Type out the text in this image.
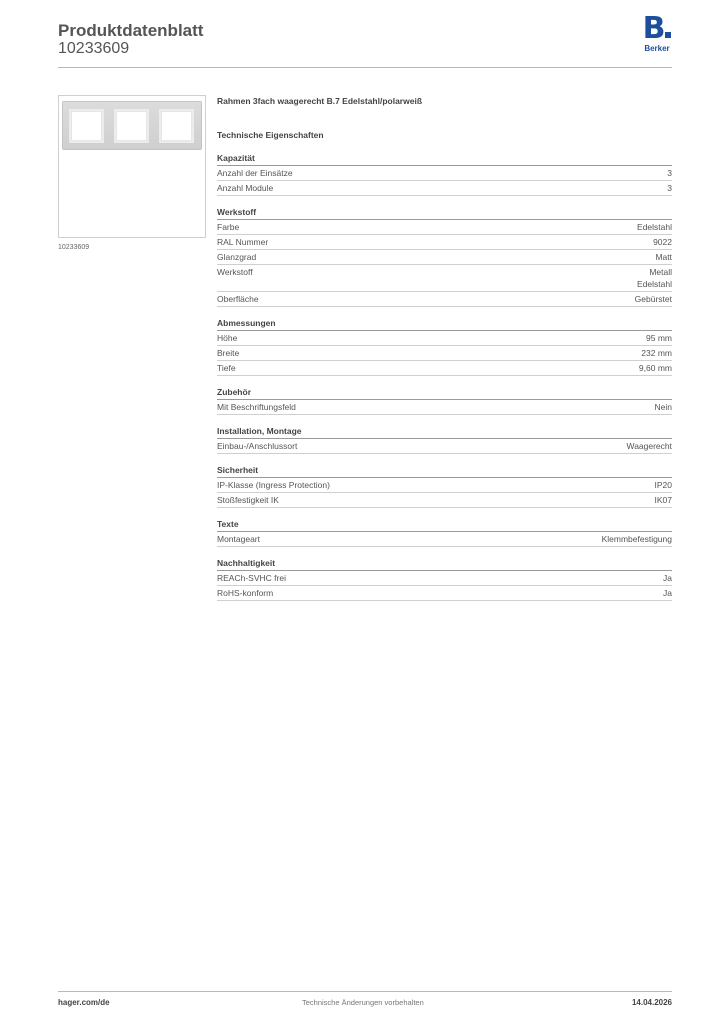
Produktdatenblatt
10233609
B
Berker
10233609
Rahmen 3fach waagerecht B.7 Edelstahl/polarweiß
Technische Eigenschaften
Kapazität
Anzahl der Einsätze	3
Anzahl Module	3
Werkstoff
Farbe	Edelstahl
RAL Nummer	9022
Glanzgrad	Matt
Werkstoff	Metall
Edelstahl
Oberfläche	Gebürstet
Abmessungen
Höhe	95 mm
Breite	232 mm
Tiefe	9,60 mm
Zubehör
Mit Beschriftungsfeld	Nein
Installation, Montage
Einbau-/Anschlussort	Waagerecht
Sicherheit
IP-Klasse (Ingress Protection)	IP20
Stoßfestigkeit IK	IK07
Texte
Montageart	Klemmbefestigung
Nachhaltigkeit
REACh-SVHC frei	Ja
RoHS-konform	Ja
hager.com/de	Technische Änderungen vorbehalten	14.04.2026
